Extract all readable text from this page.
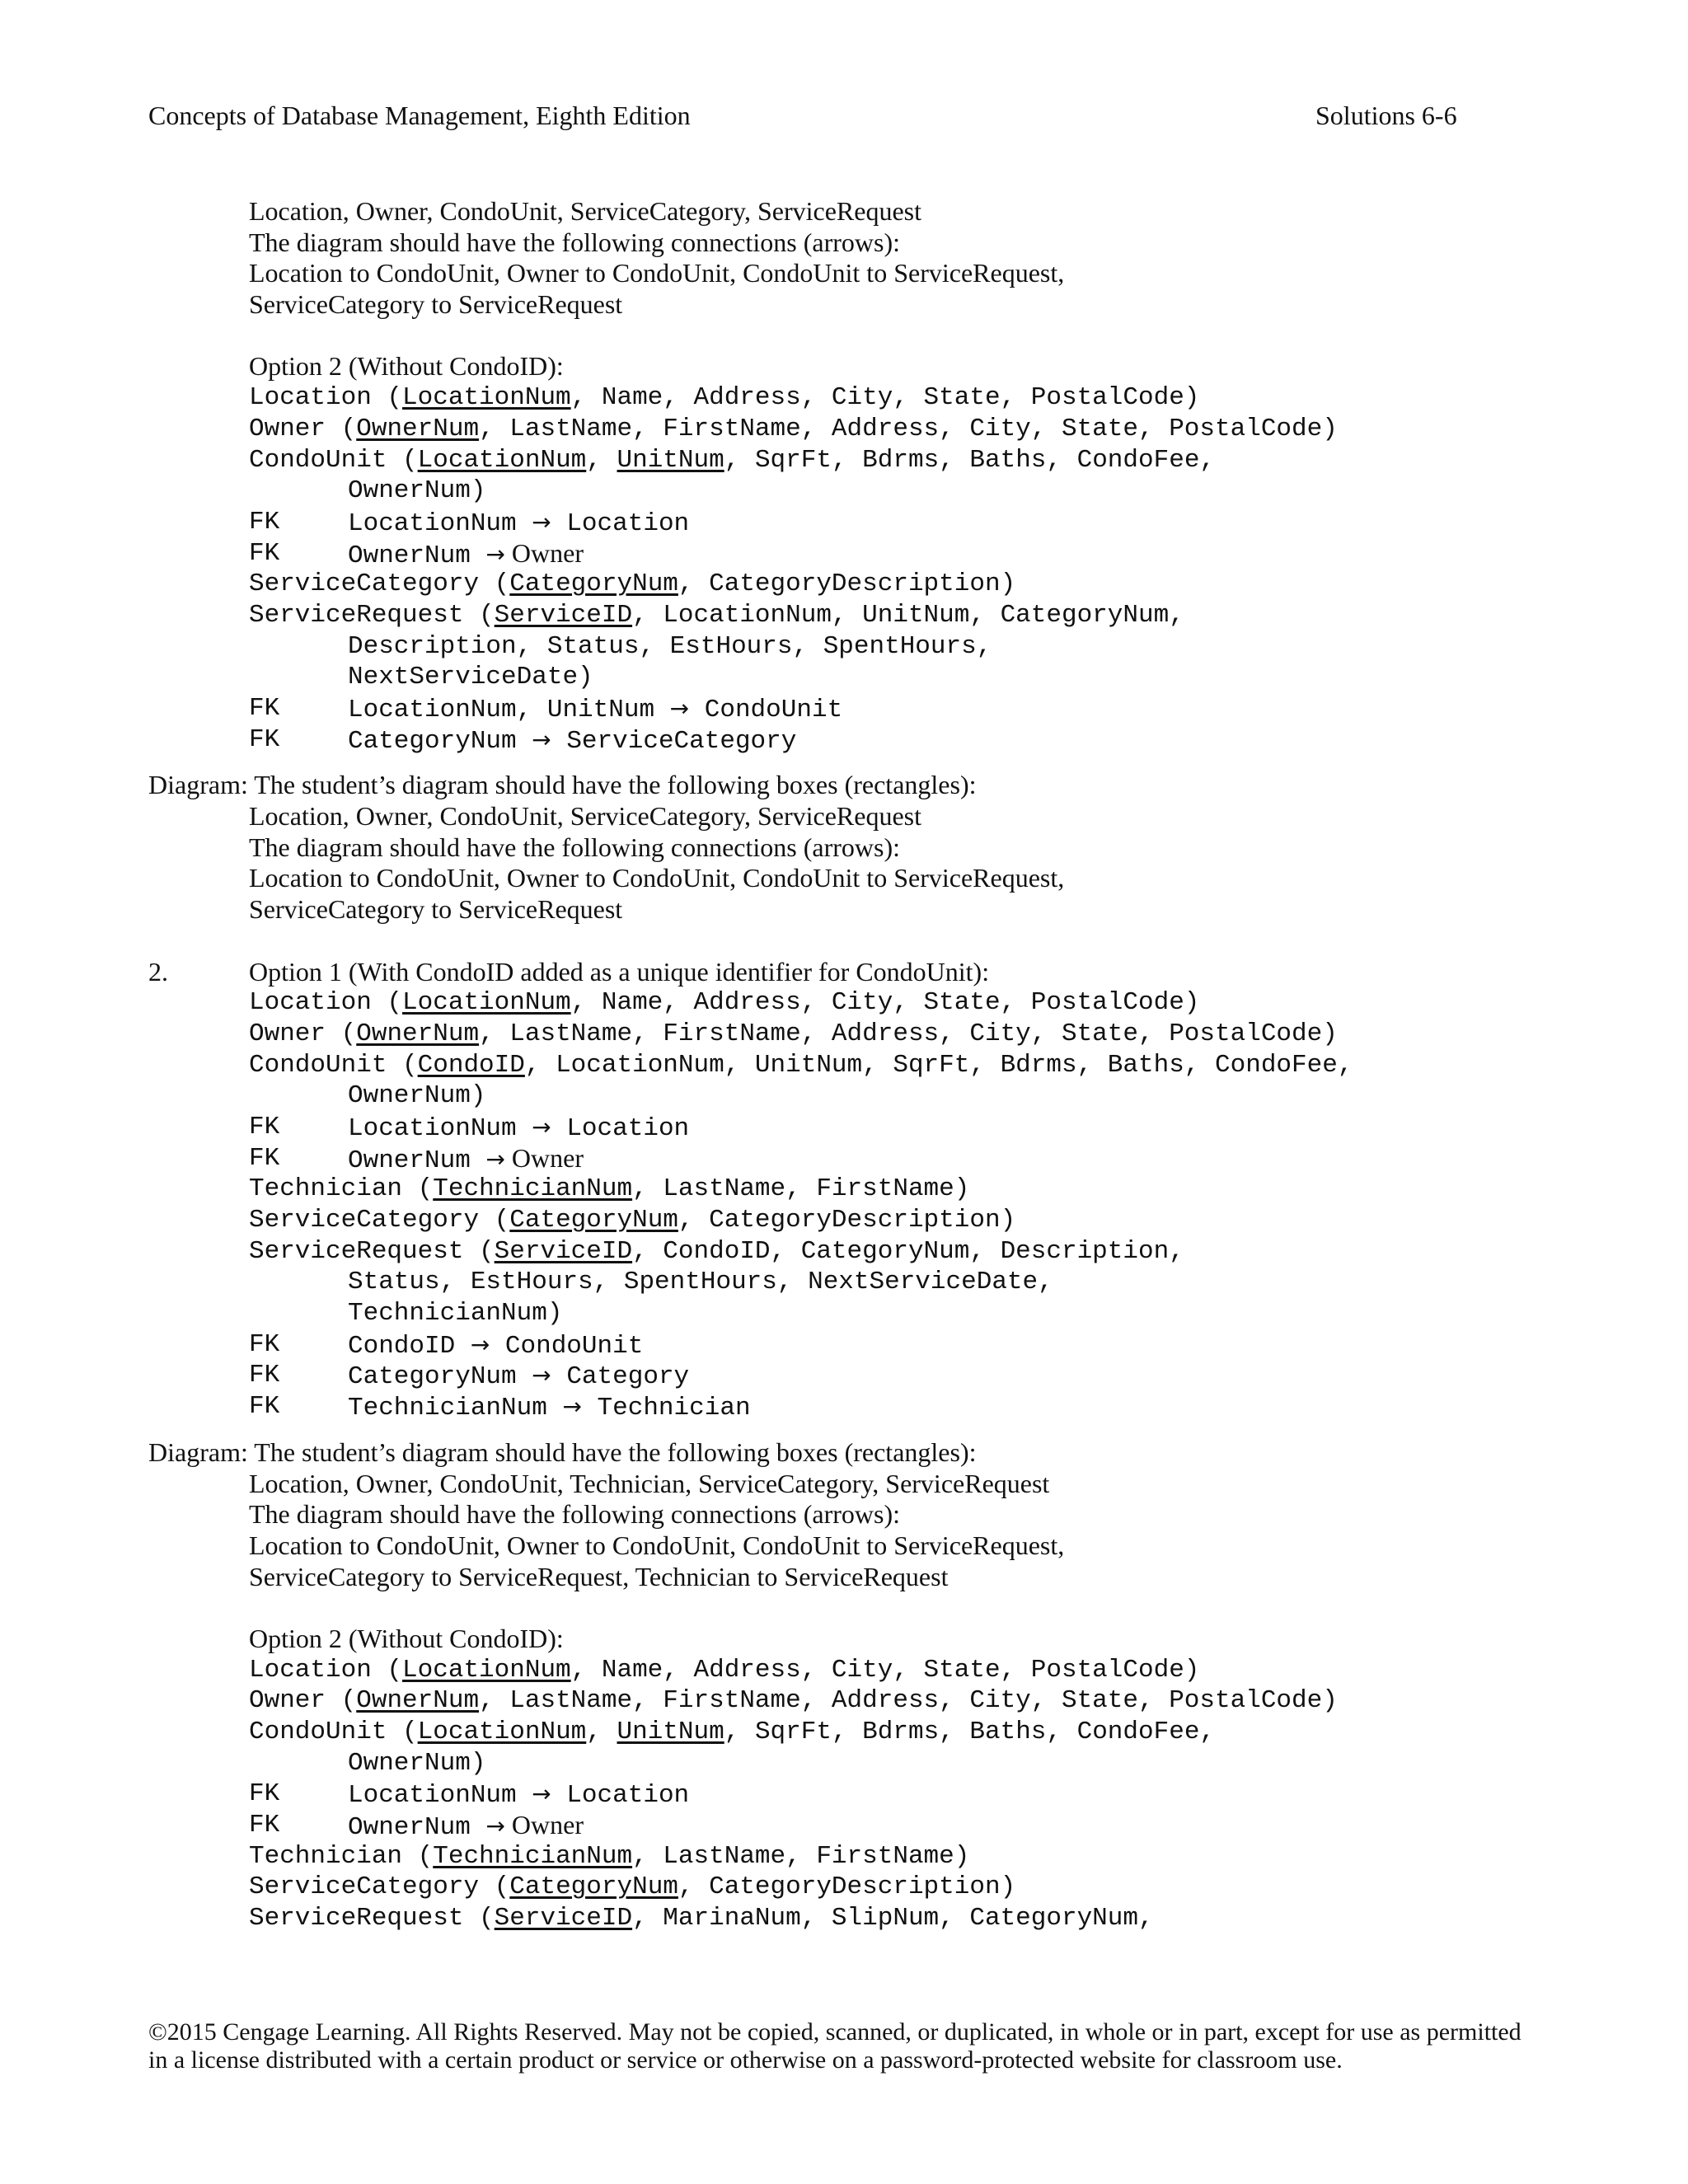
Concepts of Database Management, Eighth Edition	Solutions 6-6
Location, Owner, CondoUnit, ServiceCategory, ServiceRequest
The diagram should have the following connections (arrows):
Location to CondoUnit, Owner to CondoUnit, CondoUnit to ServiceRequest,
ServiceCategory to ServiceRequest
Option 2 (Without CondoID):
Location (LocationNum, Name, Address, City, State, PostalCode)
Owner (OwnerNum, LastName, FirstName, Address, City, State, PostalCode)
CondoUnit (LocationNum, UnitNum, SqrFt, Bdrms, Baths, CondoFee,
OwnerNum)
FK	LocationNum → Location
FK	OwnerNum → Owner
ServiceCategory (CategoryNum, CategoryDescription)
ServiceRequest (ServiceID, LocationNum, UnitNum, CategoryNum,
Description, Status, EstHours, SpentHours,
NextServiceDate)
FK	LocationNum, UnitNum → CondoUnit
FK	CategoryNum → ServiceCategory
Diagram: The student’s diagram should have the following boxes (rectangles):
Location, Owner, CondoUnit, ServiceCategory, ServiceRequest
The diagram should have the following connections (arrows):
Location to CondoUnit, Owner to CondoUnit, CondoUnit to ServiceRequest,
ServiceCategory to ServiceRequest
2.	Option 1 (With CondoID added as a unique identifier for CondoUnit):
Location (LocationNum, Name, Address, City, State, PostalCode)
Owner (OwnerNum, LastName, FirstName, Address, City, State, PostalCode)
CondoUnit (CondoID, LocationNum, UnitNum, SqrFt, Bdrms, Baths, CondoFee,
OwnerNum)
FK	LocationNum → Location
FK	OwnerNum → Owner
Technician (TechnicianNum, LastName, FirstName)
ServiceCategory (CategoryNum, CategoryDescription)
ServiceRequest (ServiceID, CondoID, CategoryNum, Description,
Status, EstHours, SpentHours, NextServiceDate,
TechnicianNum)
FK	CondoID → CondoUnit
FK	CategoryNum → Category
FK	TechnicianNum → Technician
Diagram: The student’s diagram should have the following boxes (rectangles):
Location, Owner, CondoUnit, Technician, ServiceCategory, ServiceRequest
The diagram should have the following connections (arrows):
Location to CondoUnit, Owner to CondoUnit, CondoUnit to ServiceRequest,
ServiceCategory to ServiceRequest, Technician to ServiceRequest
Option 2 (Without CondoID):
Location (LocationNum, Name, Address, City, State, PostalCode)
Owner (OwnerNum, LastName, FirstName, Address, City, State, PostalCode)
CondoUnit (LocationNum, UnitNum, SqrFt, Bdrms, Baths, CondoFee,
OwnerNum)
FK	LocationNum → Location
FK	OwnerNum → Owner
Technician (TechnicianNum, LastName, FirstName)
ServiceCategory (CategoryNum, CategoryDescription)
ServiceRequest (ServiceID, MarinaNum, SlipNum, CategoryNum,
©2015 Cengage Learning. All Rights Reserved. May not be copied, scanned, or duplicated, in whole or in part, except for use as permitted
in a license distributed with a certain product or service or otherwise on a password-protected website for classroom use.
